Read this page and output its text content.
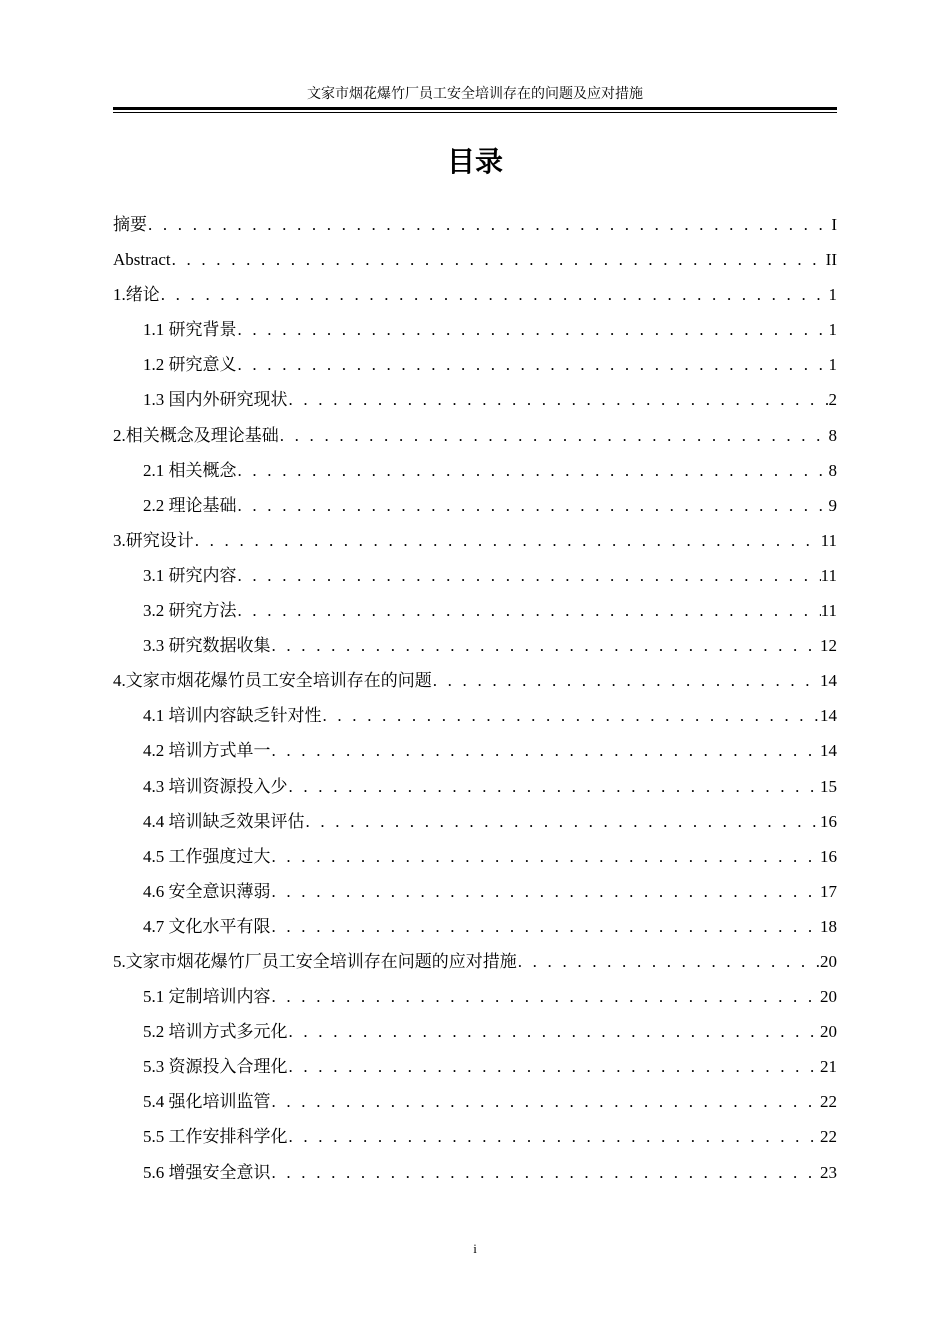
文家市烟花爆竹厂员工安全培训存在的问题及应对措施
目录
摘要 . . .	I
Abstract . . .	II
1.绪论 . . .	1
1.1 研究背景 . . .	1
1.2 研究意义 . . .	1
1.3 国内外研究现状 . . .	2
2.相关概念及理论基础 . . .	8
2.1 相关概念 . . .	8
2.2 理论基础 . . .	9
3.研究设计 . . .	11
3.1 研究内容 . . .	11
3.2 研究方法 . . .	11
3.3 研究数据收集 . . .	12
4.文家市烟花爆竹员工安全培训存在的问题 . . .	14
4.1 培训内容缺乏针对性 . . .	14
4.2 培训方式单一 . . .	14
4.3 培训资源投入少 . . .	15
4.4 培训缺乏效果评估 . . .	16
4.5 工作强度过大 . . .	16
4.6 安全意识薄弱 . . .	17
4.7 文化水平有限 . . .	18
5.文家市烟花爆竹厂员工安全培训存在问题的应对措施 . . .	20
5.1 定制培训内容 . . .	20
5.2 培训方式多元化 . . .	20
5.3 资源投入合理化 . . .	21
5.4 强化培训监管 . . .	22
5.5 工作安排科学化 . . .	22
5.6 增强安全意识 . . .	23
i
